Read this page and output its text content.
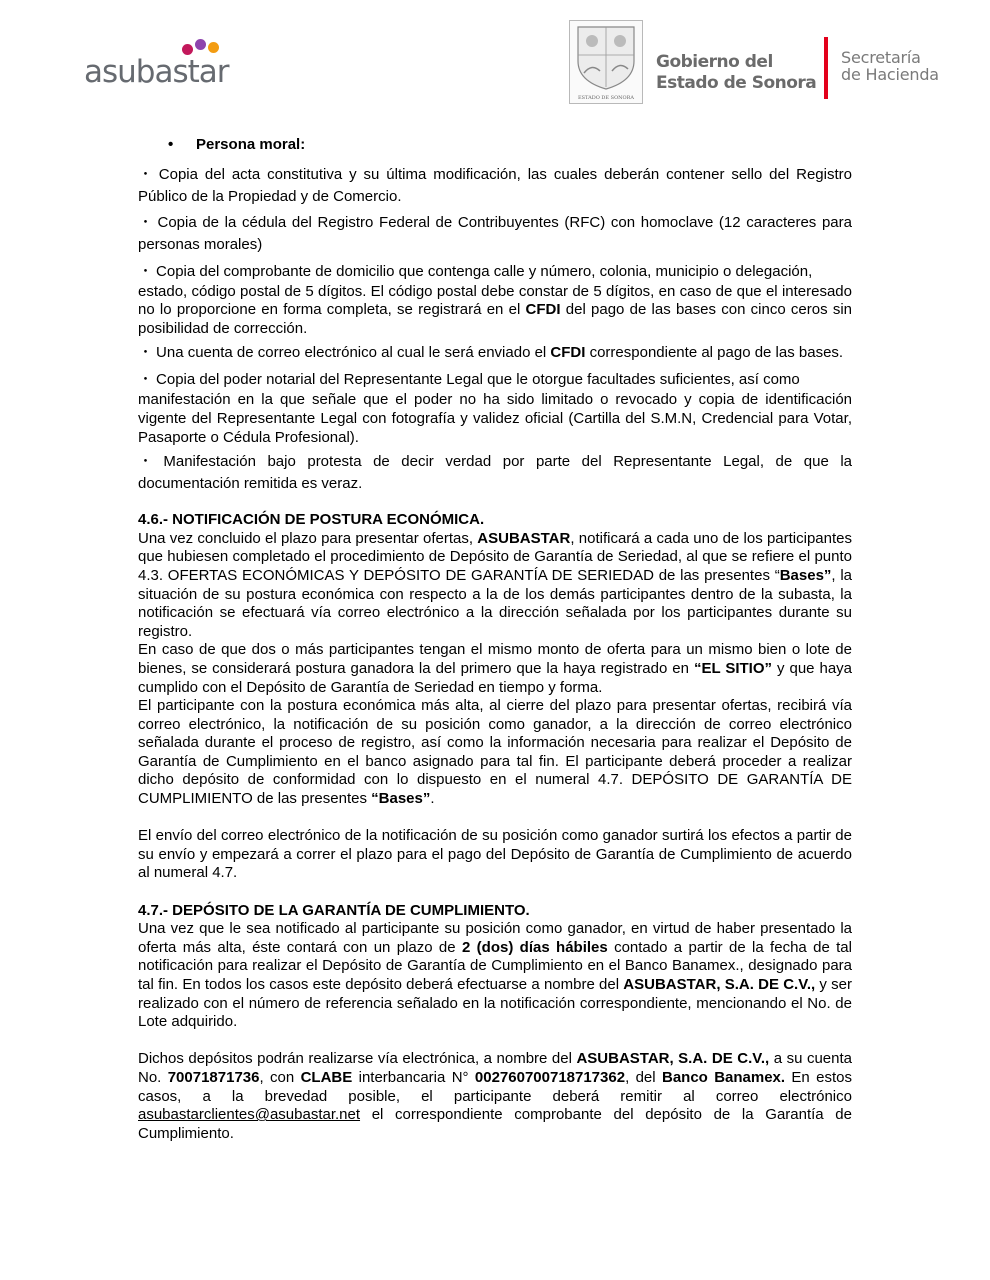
asubastar
ESTADO DE SONORA
Gobierno del
Estado de Sonora
Secretaría
de Hacienda
• Persona moral:
・ Copia del acta constitutiva y su última modificación, las cuales deberán contener sello del Registro Público de la Propiedad y de Comercio.
・ Copia de la cédula del Registro Federal de Contribuyentes (RFC) con homoclave (12 caracteres para personas morales)
・ Copia del comprobante de domicilio que contenga calle y número, colonia, municipio o delegación,
estado, código postal de 5 dígitos. El código postal debe constar de 5 dígitos, en caso de que el interesado no lo proporcione en forma completa, se registrará en el CFDI del pago de las bases con cinco ceros sin posibilidad de corrección.
・ Una cuenta de correo electrónico al cual le será enviado el CFDI correspondiente al pago de las bases.
・ Copia del poder notarial del Representante Legal que le otorgue facultades suficientes, así como
manifestación en la que señale que el poder no ha sido limitado o revocado y copia de identificación vigente del Representante Legal con fotografía y validez oficial (Cartilla del S.M.N, Credencial para Votar, Pasaporte o Cédula Profesional).
・ Manifestación bajo protesta de decir verdad por parte del Representante Legal, de que la documentación remitida es veraz.
4.6.- NOTIFICACIÓN DE POSTURA ECONÓMICA.

Una vez concluido el plazo para presentar ofertas, ASUBASTAR, notificará a cada uno de los participantes que hubiesen completado el procedimiento de Depósito de Garantía de Seriedad, al que se refiere el punto 4.3. OFERTAS ECONÓMICAS Y DEPÓSITO DE GARANTÍA DE SERIEDAD de las presentes “Bases”, la situación de su postura económica con respecto a la de los demás participantes dentro de la subasta, la notificación se efectuará vía correo electrónico a la dirección señalada por los participantes durante su registro.

En caso de que dos o más participantes tengan el mismo monto de oferta para un mismo bien o lote de bienes, se considerará postura ganadora la del primero que la haya registrado en “EL SITIO” y que haya cumplido con el Depósito de Garantía de Seriedad en tiempo y forma.

El participante con la postura económica más alta, al cierre del plazo para presentar ofertas, recibirá vía correo electrónico, la notificación de su posición como ganador, a la dirección de correo electrónico señalada durante el proceso de registro, así como la información necesaria para realizar el Depósito de Garantía de Cumplimiento en el banco asignado para tal fin. El participante deberá proceder a realizar dicho depósito de conformidad con lo dispuesto en el numeral 4.7. DEPÓSITO DE GARANTÍA DE CUMPLIMIENTO de las presentes “Bases”.

El envío del correo electrónico de la notificación de su posición como ganador surtirá los efectos a partir de su envío y empezará a correr el plazo para el pago del Depósito de Garantía de Cumplimiento de acuerdo al numeral 4.7.

4.7.- DEPÓSITO DE LA GARANTÍA DE CUMPLIMIENTO.

Una vez que le sea notificado al participante su posición como ganador, en virtud de haber presentado la oferta más alta, éste contará con un plazo de 2 (dos) días hábiles contado a partir de la fecha de tal notificación para realizar el Depósito de Garantía de Cumplimiento en el Banco Banamex., designado para tal fin. En todos los casos este depósito deberá efectuarse a nombre del ASUBASTAR, S.A. DE C.V., y ser realizado con el número de referencia señalado en la notificación correspondiente, mencionando el No. de Lote adquirido.

Dichos depósitos podrán realizarse vía electrónica, a nombre del ASUBASTAR, S.A. DE C.V., a su cuenta No. 70071871736, con CLABE interbancaria N° 002760700718717362, del Banco Banamex. En estos casos, a la brevedad posible, el participante deberá remitir al correo electrónico asubastarclientes@asubastar.net el correspondiente comprobante del depósito de la Garantía de Cumplimiento.
